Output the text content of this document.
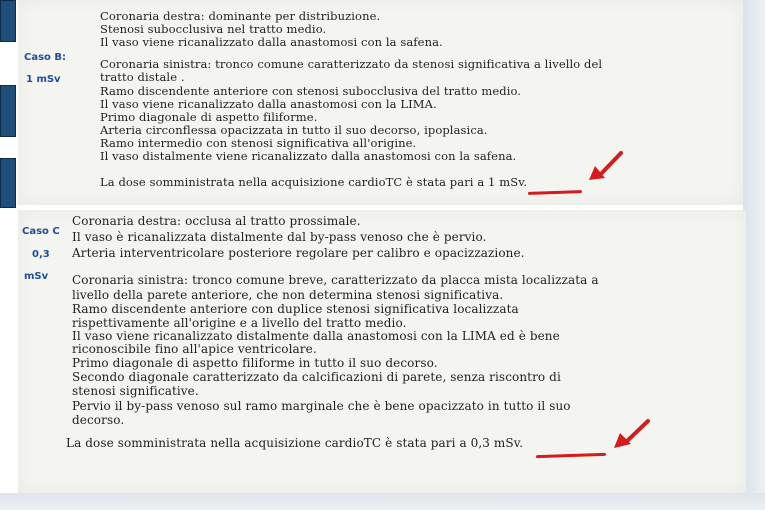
Caso B:
1 mSv
Caso C
0,3
mSv
Coronaria destra: dominante per distribuzione.
Stenosi subocclusiva nel tratto medio.
Il vaso viene ricanalizzato dalla anastomosi con la safena.
Coronaria sinistra: tronco comune caratterizzato da stenosi significativa a livello del
tratto distale .
Ramo discendente anteriore con stenosi subocclusiva del tratto medio.
Il vaso viene ricanalizzato dalla anastomosi con la LIMA.
Primo diagonale di aspetto filiforme.
Arteria circonflessa opacizzata in tutto il suo decorso, ipoplasica.
Ramo intermedio con stenosi significativa all'origine.
Il vaso distalmente viene ricanalizzato dalla anastomosi con la safena.
La dose somministrata nella acquisizione cardioTC è stata pari a 1 mSv.
Coronaria destra: occlusa al tratto prossimale.
Il vaso è ricanalizzata distalmente dal by-pass venoso che è pervio.
Arteria interventricolare posteriore regolare per calibro e opacizzazione.
Coronaria sinistra: tronco comune breve, caratterizzato da placca mista localizzata a
livello della parete anteriore, che non determina stenosi significativa.
Ramo discendente anteriore con duplice stenosi significativa localizzata
rispettivamente all'origine e a livello del tratto medio.
Il vaso viene ricanalizzato distalmente dalla anastomosi con la LIMA ed è bene
riconoscibile fino all'apice ventricolare.
Primo diagonale di aspetto filiforme in tutto il suo decorso.
Secondo diagonale caratterizzato da calcificazioni di parete, senza riscontro di
stenosi significative.
Pervio il by-pass venoso sul ramo marginale che è bene opacizzato in tutto il suo
decorso.
La dose somministrata nella acquisizione cardioTC è stata pari a 0,3 mSv.
